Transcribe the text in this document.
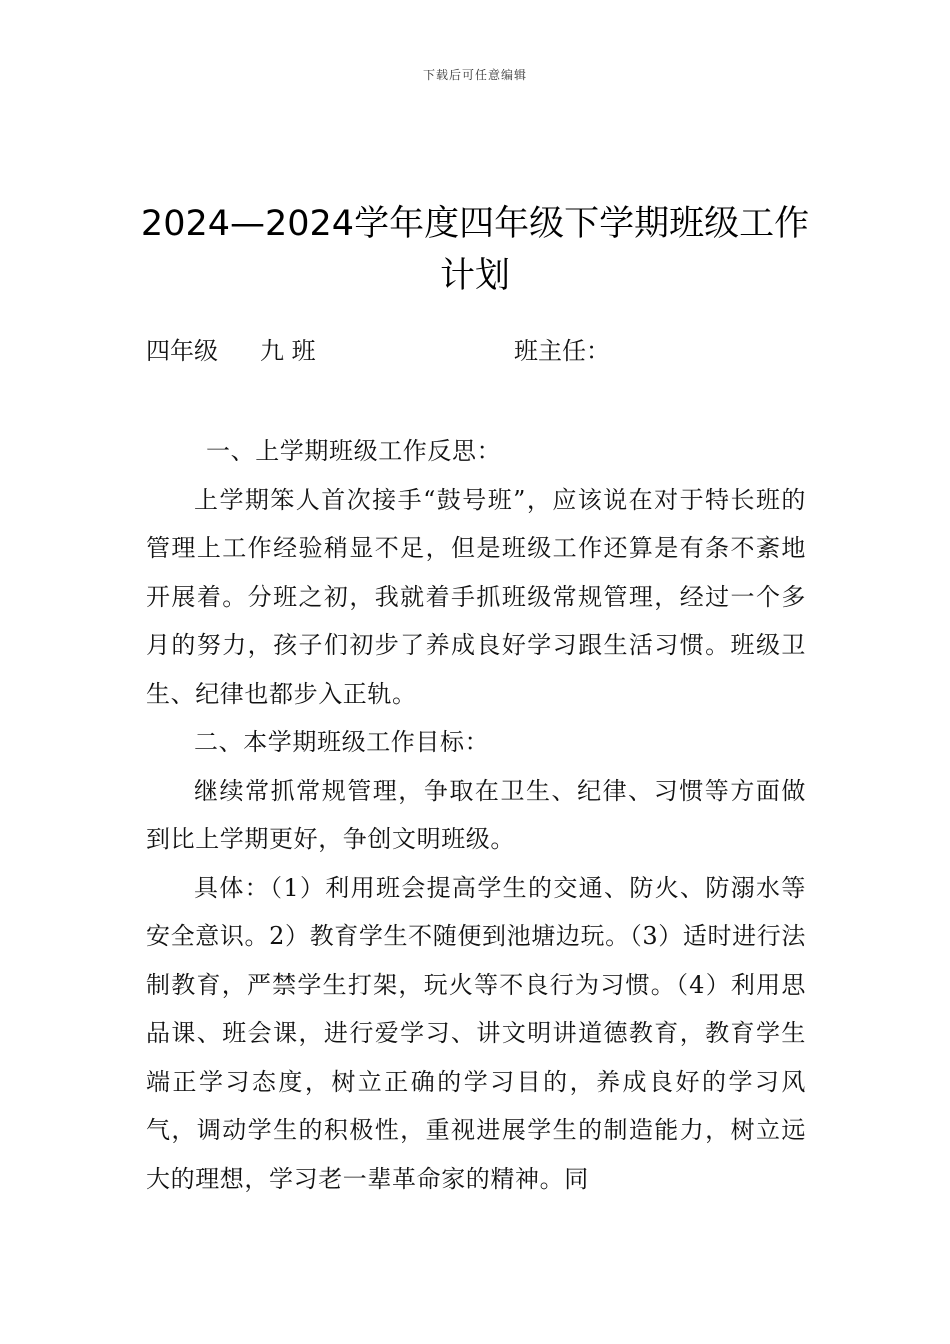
下载后可任意编辑
2024—2024学年度四年级下学期班级工作计划
四年级 九 班	班主任：

一、上学期班级工作反思：

上学期笨人首次接手“鼓号班”，应该说在对于特长班的管理上工作经验稍显不足，但是班级工作还算是有条不紊地开展着。分班之初，我就着手抓班级常规管理，经过一个多月的努力，孩子们初步了养成良好学习跟生活习惯。班级卫生、纪律也都步入正轨。

二、本学期班级工作目标：

继续常抓常规管理，争取在卫生、纪律、习惯等方面做到比上学期更好，争创文明班级。

具体：（1）利用班会提高学生的交通、防火、防溺水等安全意识。2）教育学生不随便到池塘边玩。（3）适时进行法制教育，严禁学生打架，玩火等不良行为习惯。（4）利用思品课、班会课，进行爱学习、讲文明讲道德教育，教育学生端正学习态度，树立正确的学习目的，养成良好的学习风气，调动学生的积极性，重视进展学生的制造能力，树立远大的理想，学习老一辈革命家的精神。同
